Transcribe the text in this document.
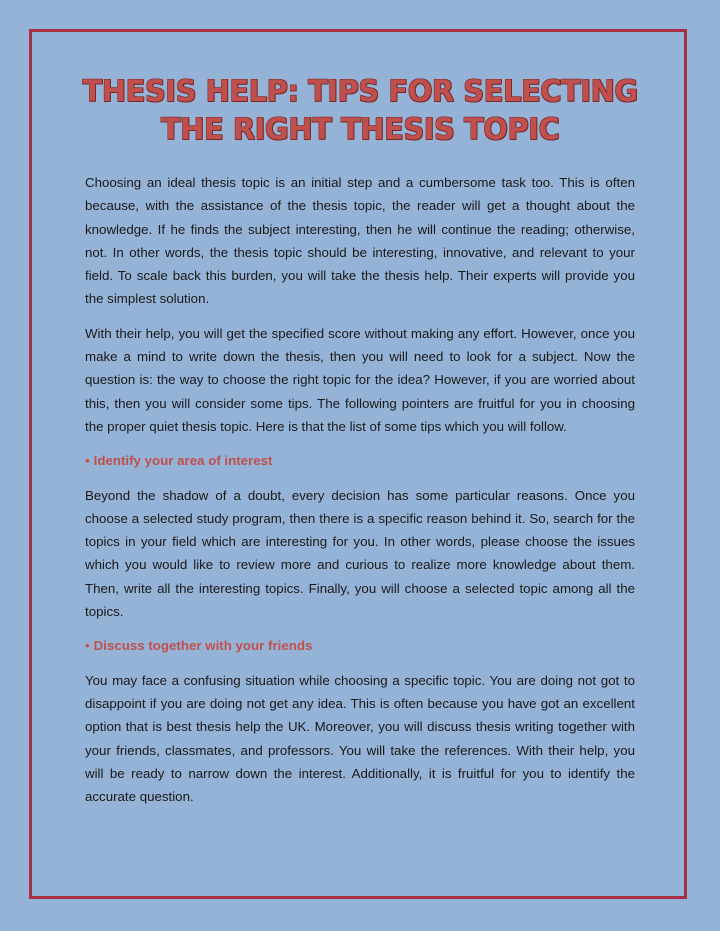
THESIS HELP: TIPS FOR SELECTING
THE RIGHT THESIS TOPIC

Choosing an ideal thesis topic is an initial step and a cumbersome task too. This is often because, with the assistance of the thesis topic, the reader will get a thought about the knowledge. If he finds the subject interesting, then he will continue the reading; otherwise, not. In other words, the thesis topic should be interesting, innovative, and relevant to your field. To scale back this burden, you will take the thesis help. Their experts will provide you the simplest solution.

With their help, you will get the specified score without making any effort. However, once you make a mind to write down the thesis, then you will need to look for a subject. Now the question is: the way to choose the right topic for the idea? However, if you are worried about this, then you will consider some tips. The following pointers are fruitful for you in choosing the proper quiet thesis topic. Here is that the list of some tips which you will follow.

• Identify your area of interest

Beyond the shadow of a doubt, every decision has some particular reasons. Once you choose a selected study program, then there is a specific reason behind it. So, search for the topics in your field which are interesting for you. In other words, please choose the issues which you would like to review more and curious to realize more knowledge about them. Then, write all the interesting topics. Finally, you will choose a selected topic among all the topics.

• Discuss together with your friends

You may face a confusing situation while choosing a specific topic. You are doing not got to disappoint if you are doing not get any idea. This is often because you have got an excellent option that is best thesis help the UK. Moreover, you will discuss thesis writing together with your friends, classmates, and professors. You will take the references. With their help, you will be ready to narrow down the interest. Additionally, it is fruitful for you to identify the accurate question.
